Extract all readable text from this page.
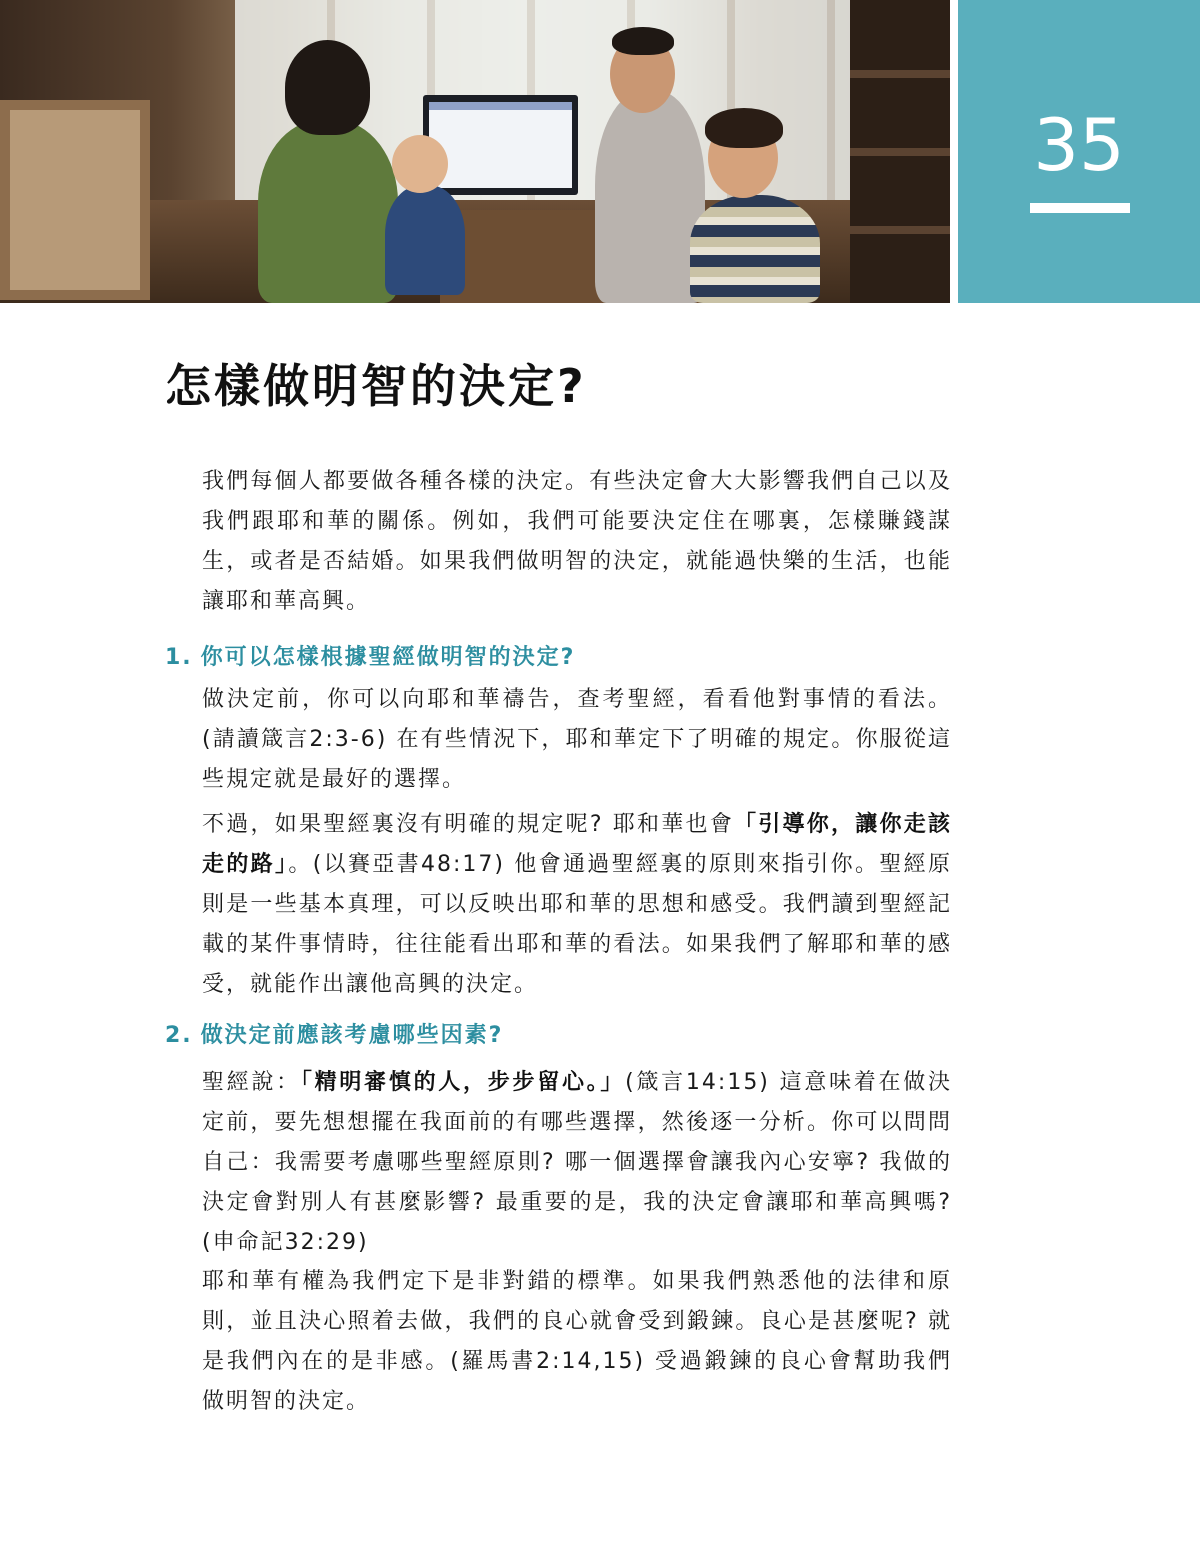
35
怎樣做明智的決定?

我們每個人都要做各種各樣的決定。有些決定會大大影響我們自己以及我們跟耶和華的關係。例如，我們可能要決定住在哪裏，怎樣賺錢謀生，或者是否結婚。如果我們做明智的決定，就能過快樂的生活，也能讓耶和華高興。

1. 你可以怎樣根據聖經做明智的決定?

做決定前，你可以向耶和華禱告，查考聖經，看看他對事情的看法。(請讀箴言2:3-6) 在有些情況下，耶和華定下了明確的規定。你服從這些規定就是最好的選擇。

不過，如果聖經裏沒有明確的規定呢? 耶和華也會「引導你，讓你走該走的路」。(以賽亞書48:17) 他會通過聖經裏的原則來指引你。聖經原則是一些基本真理，可以反映出耶和華的思想和感受。我們讀到聖經記載的某件事情時，往往能看出耶和華的看法。如果我們了解耶和華的感受，就能作出讓他高興的決定。

2. 做決定前應該考慮哪些因素?

聖經說：「精明審慎的人，步步留心。」(箴言14:15) 這意味着在做決定前，要先想想擺在我面前的有哪些選擇，然後逐一分析。你可以問問自己：我需要考慮哪些聖經原則? 哪一個選擇會讓我內心安寧? 我做的決定會對別人有甚麼影響? 最重要的是，我的決定會讓耶和華高興嗎?(申命記32:29)

耶和華有權為我們定下是非對錯的標準。如果我們熟悉他的法律和原則，並且決心照着去做，我們的良心就會受到鍛鍊。良心是甚麼呢? 就是我們內在的是非感。(羅馬書2:14,15) 受過鍛鍊的良心會幫助我們做明智的決定。
